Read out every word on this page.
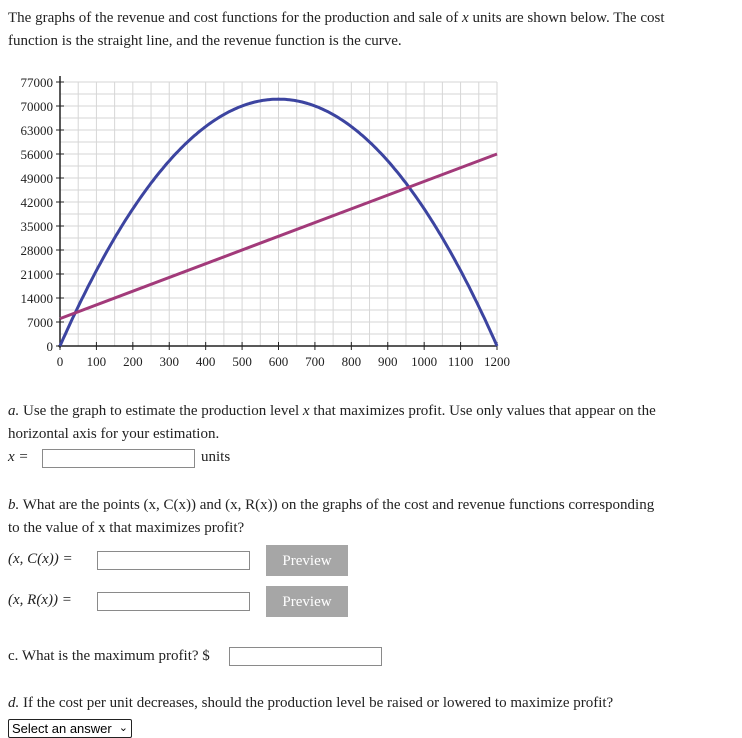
The graphs of the revenue and cost functions for the production and sale of x units are shown below. The cost
function is the straight line, and the revenue function is the curve.
0
7000
14000
21000
28000
35000
42000
49000
56000
63000
70000
77000
0 100 200 300 400 500 600 700 800 900 1000 1100 1200
a. Use the graph to estimate the production level x that maximizes profit. Use only values that appear on the
horizontal axis for your estimation.
x =	units
b. What are the points (x, C(x)) and (x, R(x)) on the graphs of the cost and revenue functions corresponding
to the value of x that maximizes profit?
(x, C(x)) =	Preview
(x, R(x)) =	Preview
c. What is the maximum profit? $
d. If the cost per unit decreases, should the production level be raised or lowered to maximize profit?
Select an answer ⌄
